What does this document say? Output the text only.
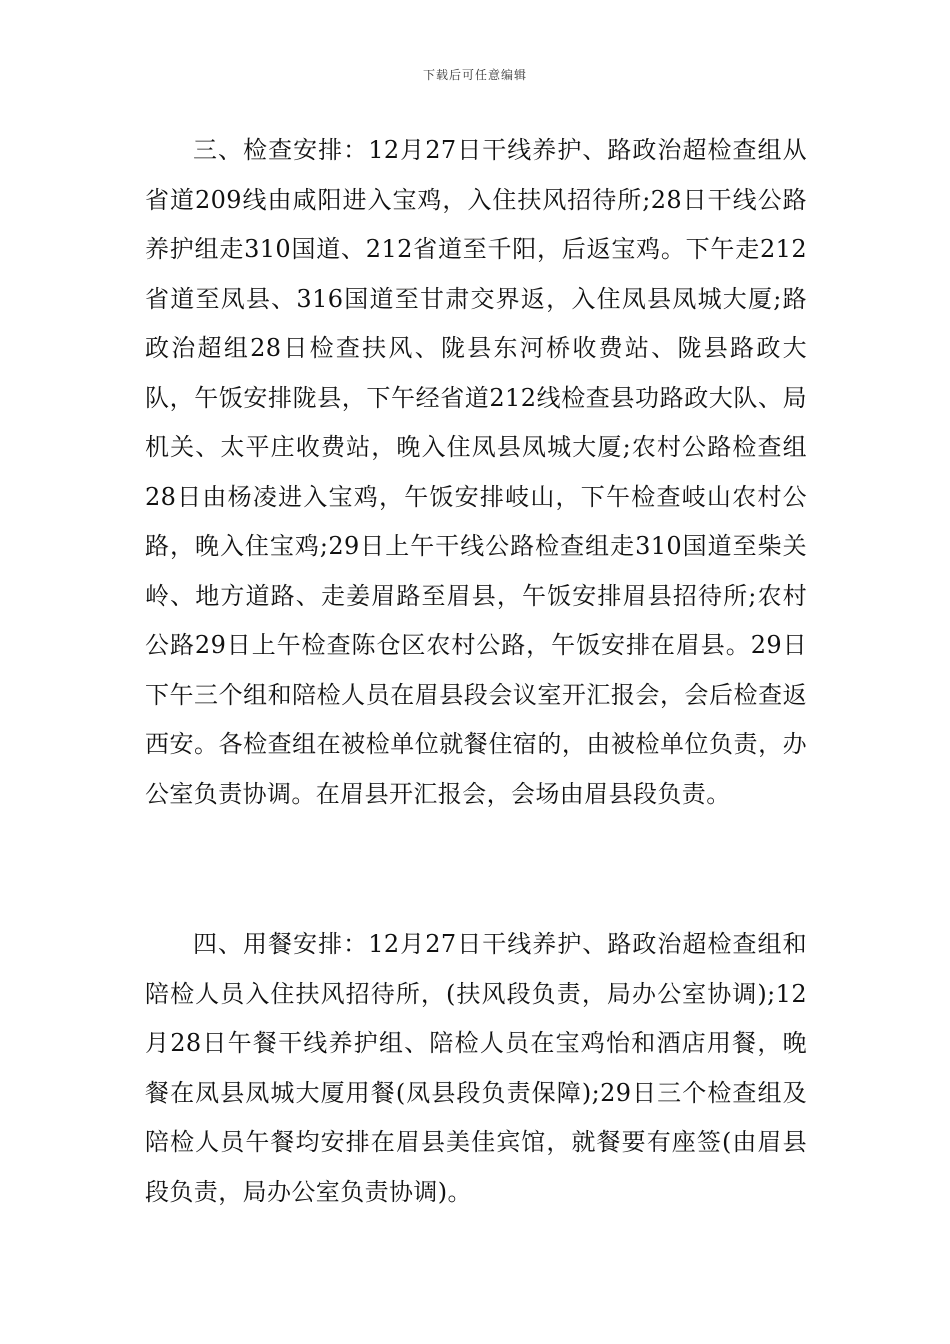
下载后可任意编辑

三、检查安排：12月27日干线养护、路政治超检查组从省道209线由咸阳进入宝鸡，入住扶风招待所;28日干线公路养护组走310国道、212省道至千阳，后返宝鸡。下午走212省道至凤县、316国道至甘肃交界返，入住凤县凤城大厦;路政治超组28日检查扶风、陇县东河桥收费站、陇县路政大队，午饭安排陇县，下午经省道212线检查县功路政大队、局机关、太平庄收费站，晚入住凤县凤城大厦;农村公路检查组28日由杨凌进入宝鸡，午饭安排岐山，下午检查岐山农村公路，晚入住宝鸡;29日上午干线公路检查组走310国道至柴关岭、地方道路、走姜眉路至眉县，午饭安排眉县招待所;农村公路29日上午检查陈仓区农村公路，午饭安排在眉县。29日下午三个组和陪检人员在眉县段会议室开汇报会，会后检查返西安。各检查组在被检单位就餐住宿的，由被检单位负责，办公室负责协调。在眉县开汇报会，会场由眉县段负责。

四、用餐安排：12月27日干线养护、路政治超检查组和陪检人员入住扶风招待所，(扶风段负责，局办公室协调);12月28日午餐干线养护组、陪检人员在宝鸡怡和酒店用餐，晚餐在凤县凤城大厦用餐(凤县段负责保障);29日三个检查组及陪检人员午餐均安排在眉县美佳宾馆，就餐要有座签(由眉县段负责，局办公室负责协调)。
